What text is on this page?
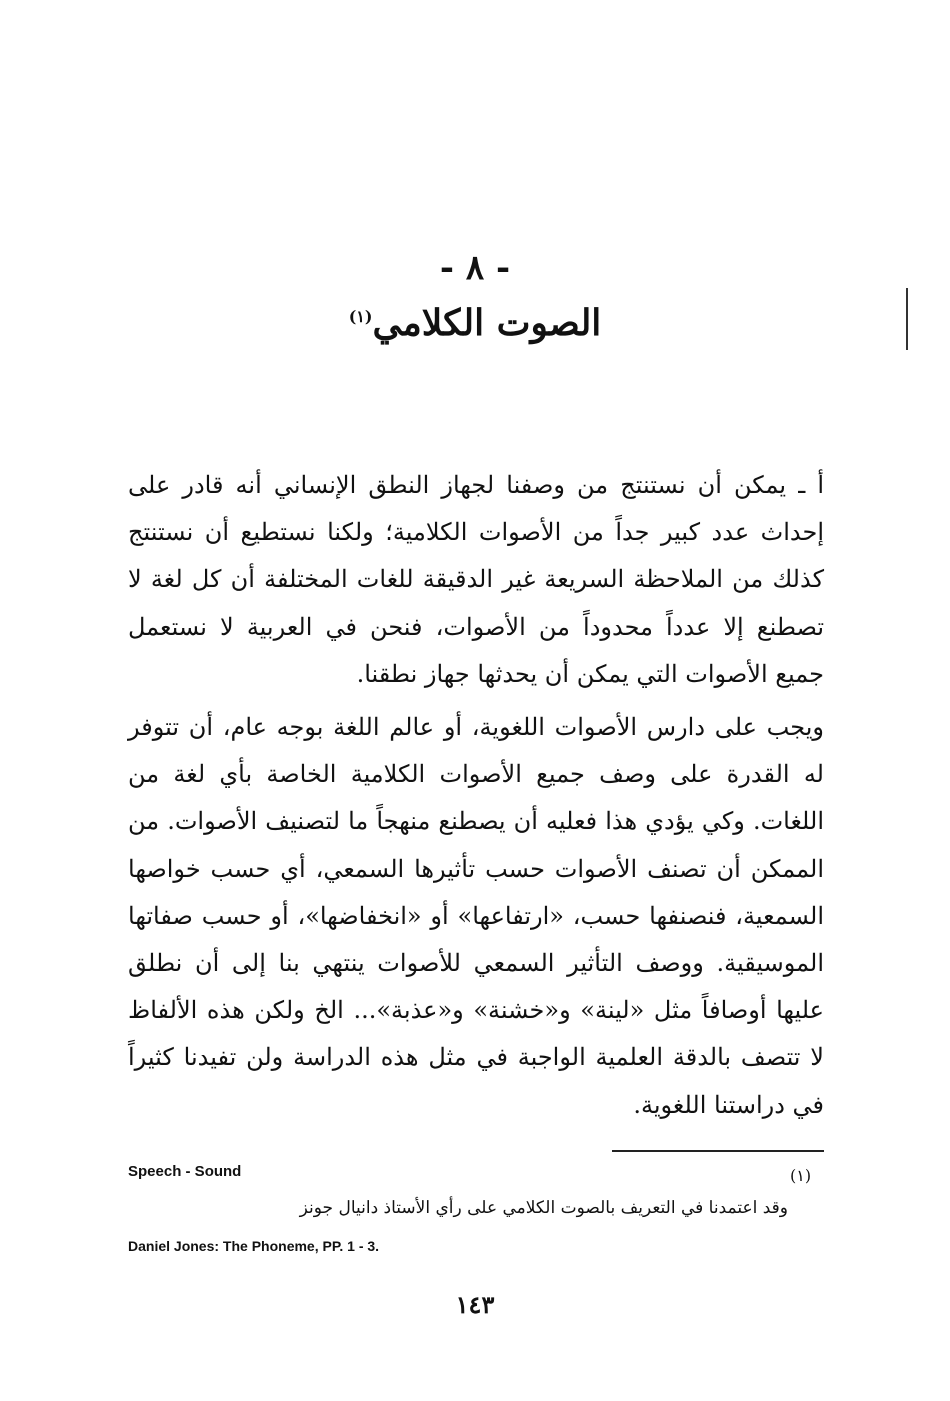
- ٨ -
الصوت الكلامي$^{(١)}$

أ ـ يمكن أن نستنتج من وصفنا لجهاز النطق الإنساني أنه قادر على إحداث عدد كبير جداً من الأصوات الكلامية؛ ولكنا نستطيع أن نستنتج كذلك من الملاحظة السريعة غير الدقيقة للغات المختلفة أن كل لغة لا تصطنع إلا عدداً محدوداً من الأصوات، فنحن في العربية لا نستعمل جميع الأصوات التي يمكن أن يحدثها جهاز نطقنا.

ويجب على دارس الأصوات اللغوية، أو عالم اللغة بوجه عام، أن تتوفر له القدرة على وصف جميع الأصوات الكلامية الخاصة بأي لغة من اللغات. وكي يؤدي هذا فعليه أن يصطنع منهجاً ما لتصنيف الأصوات. من الممكن أن تصنف الأصوات حسب تأثيرها السمعي، أي حسب خواصها السمعية، فنصنفها حسب، «ارتفاعها» أو «انخفاضها»، أو حسب صفاتها الموسيقية. ووصف التأثير السمعي للأصوات ينتهي بنا إلى أن نطلق عليها أوصافاً مثل «لينة» و«خشنة» و«عذبة»... الخ ولكن هذه الألفاظ لا تتصف بالدقة العلمية الواجبة في مثل هذه الدراسة ولن تفيدنا كثيراً في دراستنا اللغوية.

Speech - Sound	(١)
وقد اعتمدنا في التعريف بالصوت الكلامي على رأي الأستاذ دانيال جونز
Daniel Jones: The Phoneme, PP. 1 - 3.
١٤٣
